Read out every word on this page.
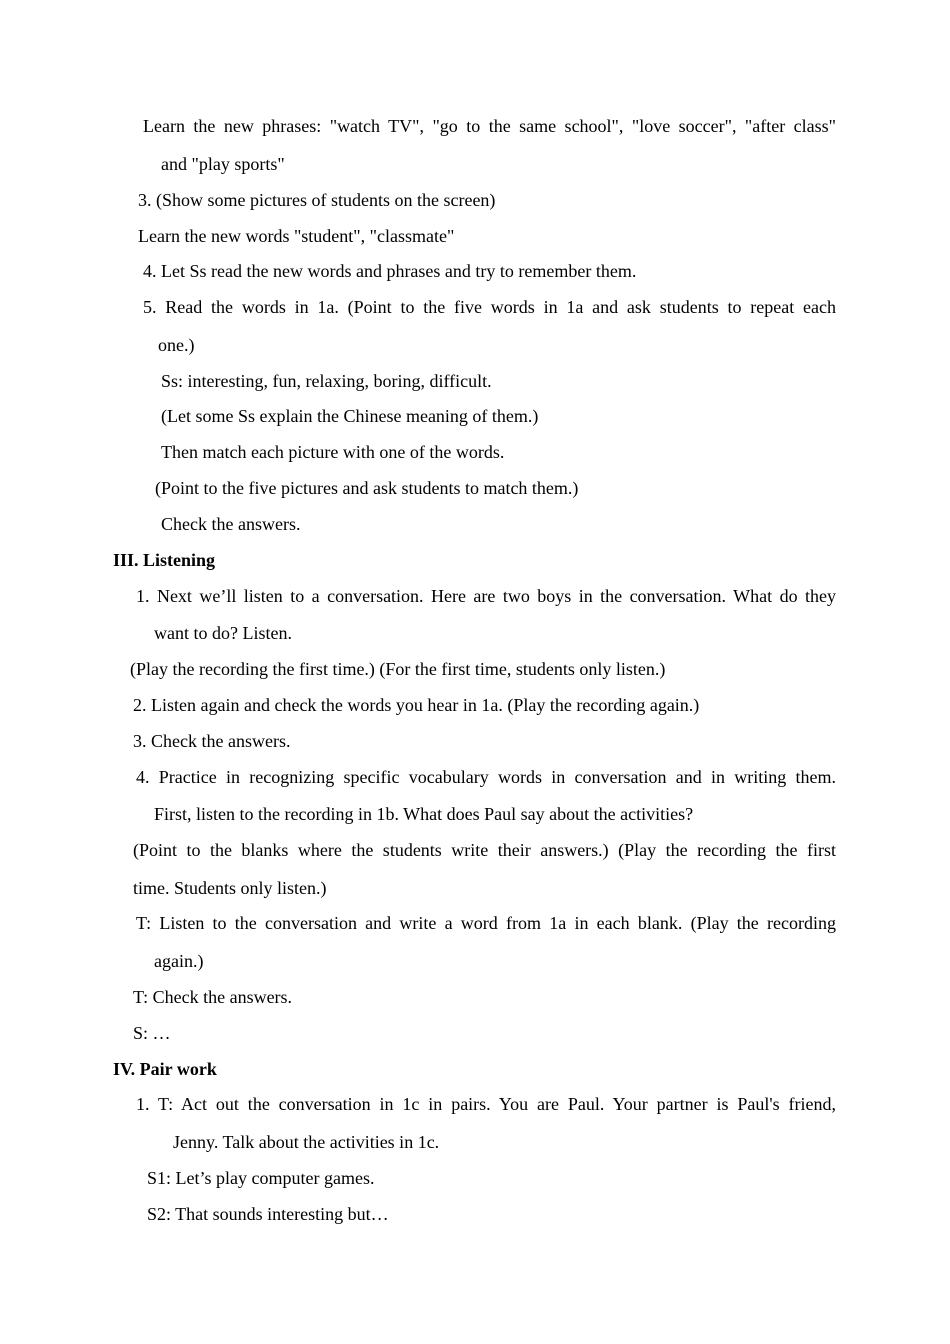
Learn the new phrases: "watch TV", "go to the same school", "love soccer", "after class"
and "play sports"
3. (Show some pictures of students on the screen)
Learn the new words "student", "classmate"
4. Let Ss read the new words and phrases and try to remember them.
5. Read the words in 1a. (Point to the five words in 1a and ask students to repeat each
one.)
Ss: interesting, fun, relaxing, boring, difficult.
(Let some Ss explain the Chinese meaning of them.)
Then match each picture with one of the words.
(Point to the five pictures and ask students to match them.)
Check the answers.
III. Listening
1. Next we’ll listen to a conversation. Here are two boys in the conversation. What do they
want to do? Listen.
(Play the recording the first time.) (For the first time, students only listen.)
2. Listen again and check the words you hear in 1a. (Play the recording again.)
3. Check the answers.
4. Practice in recognizing specific vocabulary words in conversation and in writing them.
First, listen to the recording in 1b. What does Paul say about the activities?
(Point to the blanks where the students write their answers.) (Play the recording the first
time. Students only listen.)
T: Listen to the conversation and write a word from 1a in each blank. (Play the recording
again.)
T: Check the answers.
S: …
IV. Pair work
1. T: Act out the conversation in 1c in pairs. You are Paul. Your partner is Paul's friend,
Jenny. Talk about the activities in 1c.
S1: Let’s play computer games.
S2: That sounds interesting but…
